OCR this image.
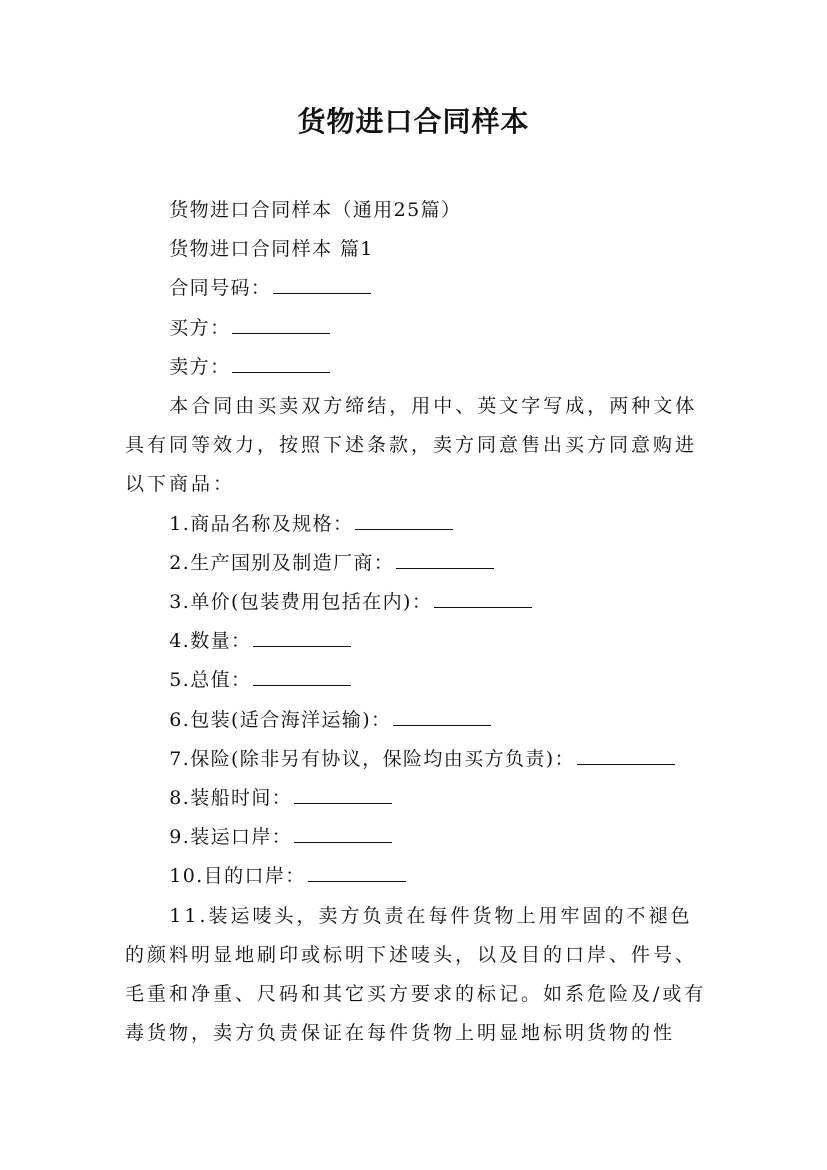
货物进口合同样本

货物进口合同样本（通用25篇）

货物进口合同样本 篇1

合同号码：

买方：

卖方：

本合同由买卖双方缔结，用中、英文字写成，两种文体具有同等效力，按照下述条款，卖方同意售出买方同意购进以下商品：

1.商品名称及规格：

2.生产国别及制造厂商：

3.单价(包装费用包括在内)：

4.数量：

5.总值：

6.包装(适合海洋运输)：

7.保险(除非另有协议，保险均由买方负责)：

8.装船时间：

9.装运口岸：

10.目的口岸：

11.装运唛头，卖方负责在每件货物上用牢固的不褪色的颜料明显地刷印或标明下述唛头，以及目的口岸、件号、毛重和净重、尺码和其它买方要求的标记。如系危险及/或有毒货物，卖方负责保证在每件货物上明显地标明货物的性
